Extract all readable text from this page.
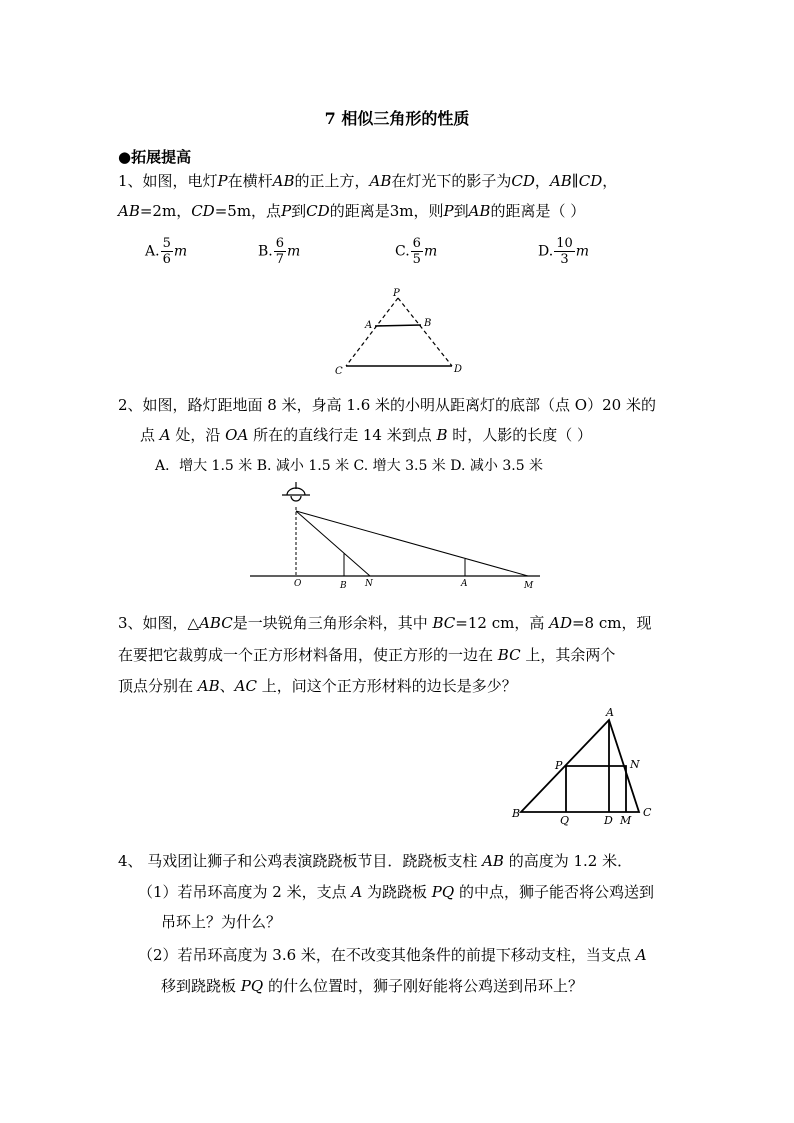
7 相似三角形的性质
●拓展提高
1、如图，电灯P在横杆AB的正上方，AB在灯光下的影子为CD，AB∥CD，
AB=2m，CD=5m，点P到CD的距离是3m，则P到AB的距离是（ ）
A. $\frac{5}{6}$ m	B. $\frac{6}{7}$ m	C. $\frac{6}{5}$ m	D. $\frac{10}{3}$ m
P
A	B
C	D
2、如图，路灯距地面 8 米，身高 1.6 米的小明从距离灯的底部（点 O）20 米的
点 A 处，沿 OA 所在的直线行走 14 米到点 B 时，人影的长度（ ）
A．增大 1.5 米 B. 减小 1.5 米 C. 增大 3.5 米 D. 减小 3.5 米
O	B N	A	M
3、如图，△ABC是一块锐角三角形余料，其中 BC=12 cm，高 AD=8 cm，现
在要把它裁剪成一个正方形材料备用，使正方形的一边在 BC 上，其余两个
顶点分别在 AB、AC 上，问这个正方形材料的边长是多少？
A
P	N
B
Q	D M
C
4、 马戏团让狮子和公鸡表演跷跷板节目．跷跷板支柱 AB 的高度为 1.2 米．
（1）若吊环高度为 2 米，支点 A 为跷跷板 PQ 的中点，狮子能否将公鸡送到
吊环上？为什么？
（2）若吊环高度为 3.6 米，在不改变其他条件的前提下移动支柱，当支点 A
移到跷跷板 PQ 的什么位置时，狮子刚好能将公鸡送到吊环上？
